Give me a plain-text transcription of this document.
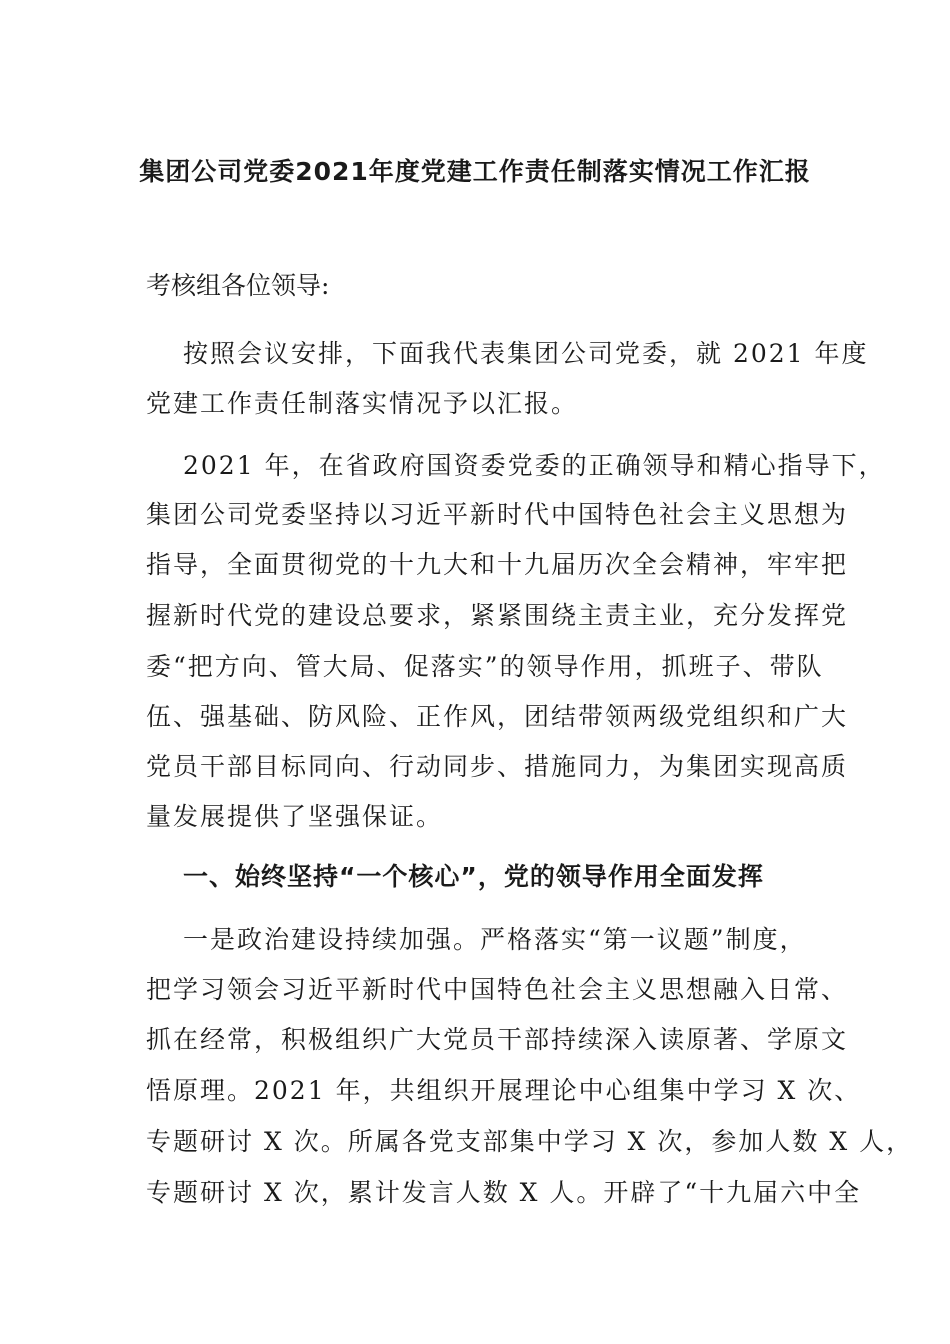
集团公司党委2021年度党建工作责任制落实情况工作汇报
考核组各位领导:
按照会议安排，下面我代表集团公司党委，就 2021 年度
党建工作责任制落实情况予以汇报。
2021 年，在省政府国资委党委的正确领导和精心指导下，
集团公司党委坚持以习近平新时代中国特色社会主义思想为
指导，全面贯彻党的十九大和十九届历次全会精神，牢牢把
握新时代党的建设总要求，紧紧围绕主责主业，充分发挥党
委“把方向、管大局、促落实”的领导作用，抓班子、带队
伍、强基础、防风险、正作风，团结带领两级党组织和广大
党员干部目标同向、行动同步、措施同力，为集团实现高质
量发展提供了坚强保证。
一、始终坚持“一个核心”，党的领导作用全面发挥
一是政治建设持续加强。严格落实“第一议题”制度，
把学习领会习近平新时代中国特色社会主义思想融入日常、
抓在经常，积极组织广大党员干部持续深入读原著、学原文
悟原理。2021 年，共组织开展理论中心组集中学习 X 次、
专题研讨 X 次。所属各党支部集中学习 X 次，参加人数 X 人，
专题研讨 X 次，累计发言人数 X 人。开辟了“十九届六中全
